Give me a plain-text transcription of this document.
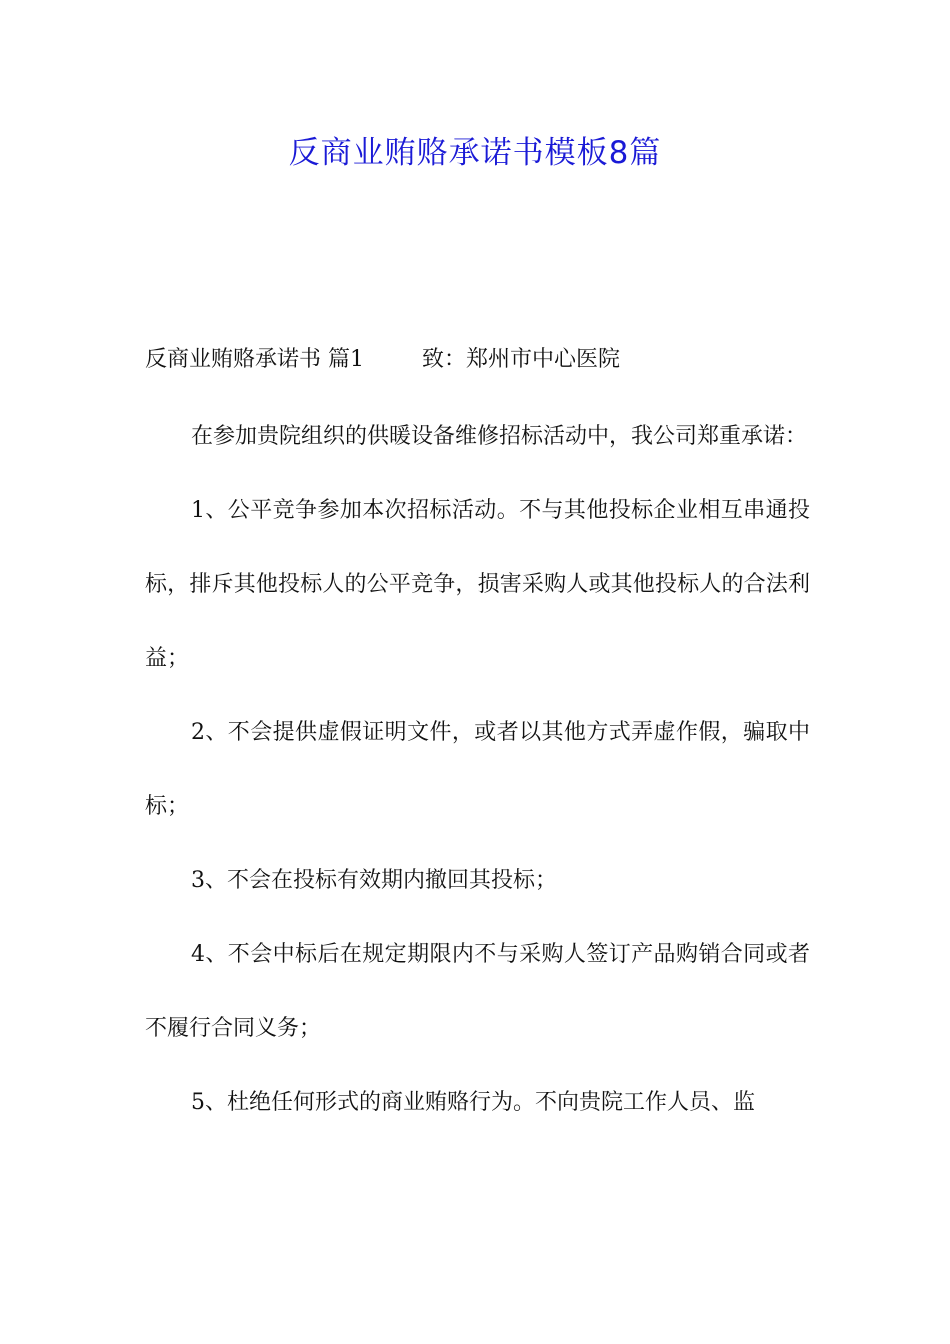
反商业贿赂承诺书模板8篇
反商业贿赂承诺书 篇1	致：郑州市中心医院

在参加贵院组织的供暖设备维修招标活动中，我公司郑重承诺：

1、公平竞争参加本次招标活动。不与其他投标企业相互串通投标，排斥其他投标人的公平竞争，损害采购人或其他投标人的合法利益；

2、不会提供虚假证明文件，或者以其他方式弄虚作假，骗取中标；

3、不会在投标有效期内撤回其投标；

4、不会中标后在规定期限内不与采购人签订产品购销合同或者不履行合同义务；

5、杜绝任何形式的商业贿赂行为。不向贵院工作人员、监
